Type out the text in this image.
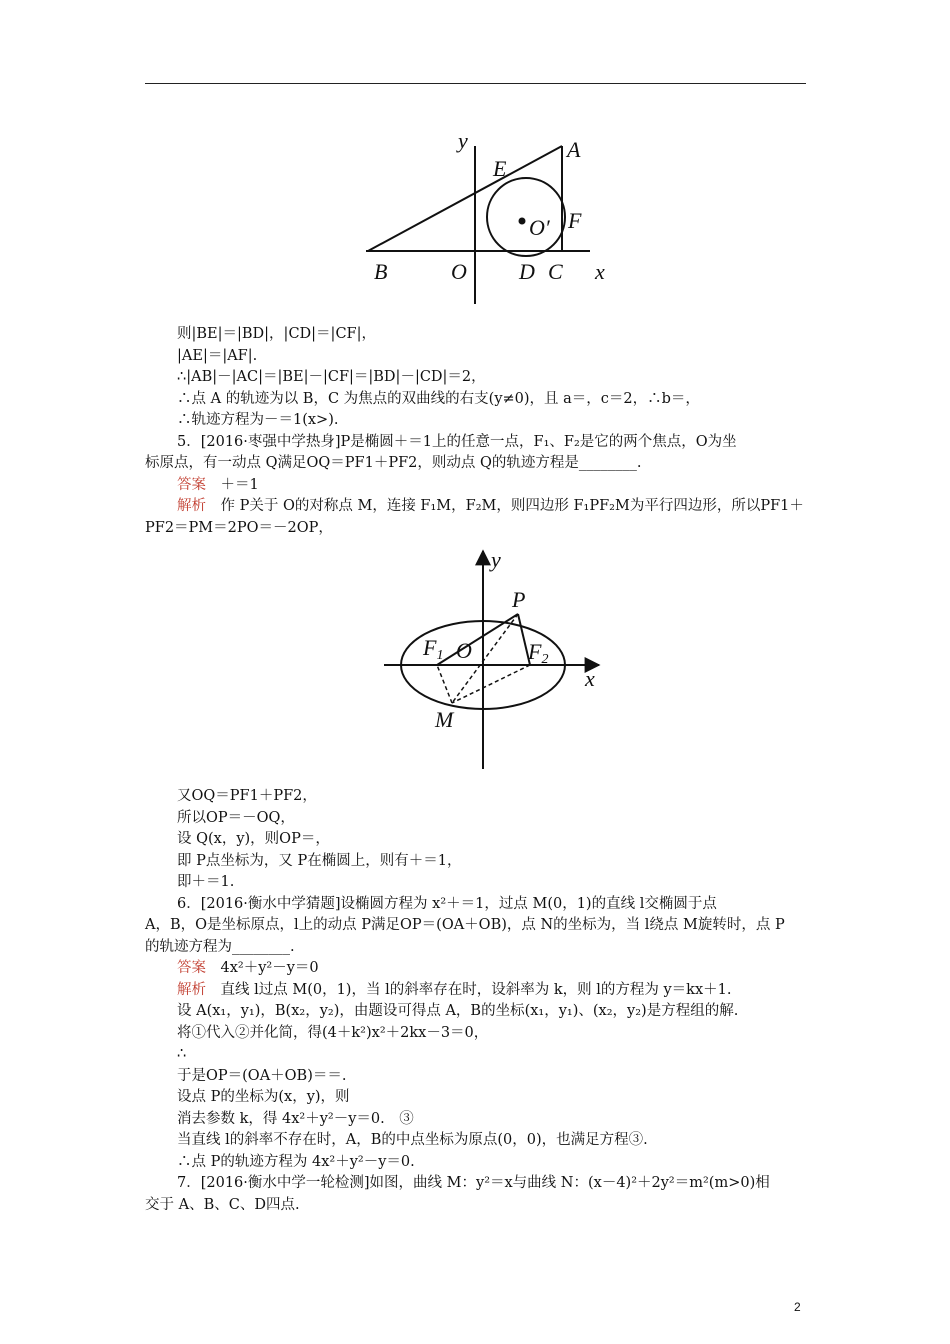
y	A
E
O′ F
B	O D C x
y
P
F1 O	F2
x
M
则|BE|＝|BD|，|CD|＝|CF|，
|AE|＝|AF|.
∴|AB|－|AC|＝|BE|－|CF|＝|BD|－|CD|＝2，
∴点 A 的轨迹为以 B，C 为焦点的双曲线的右支(y≠0)，且 a＝，c＝2，∴b＝，
∴轨迹方程为－＝1(x>).
5．[2016·枣强中学热身]P是椭圆＋＝1上的任意一点，F₁、F₂是它的两个焦点，O为坐
标原点，有一动点 Q满足OQ＝PF1＋PF2，则动点 Q的轨迹方程是________.
答案　 ＋＝1
解析　 作 P关于 O的对称点 M，连接 F₁M，F₂M，则四边形 F₁PF₂M为平行四边形，所以PF1＋
PF2＝PM＝2PO＝－2OP，
又OQ＝PF1＋PF2，
所以OP＝－OQ，
设 Q(x，y)，则OP＝，
即 P点坐标为，又 P在椭圆上，则有＋＝1，
即＋＝1.
6．[2016·衡水中学猜题]设椭圆方程为 x²＋＝1，过点 M(0，1)的直线 l交椭圆于点
A，B，O是坐标原点，l上的动点 P满足OP＝(OA＋OB)，点 N的坐标为，当 l绕点 M旋转时，点 P
的轨迹方程为________.
答案　 4x²＋y²－y＝0
解析　 直线 l过点 M(0，1)，当 l的斜率存在时，设斜率为 k，则 l的方程为 y＝kx＋1.
设 A(x₁，y₁)，B(x₂，y₂)，由题设可得点 A，B的坐标(x₁，y₁)、(x₂，y₂)是方程组的解.
将①代入②并化简，得(4＋k²)x²＋2kx－3＝0，
∴
于是OP＝(OA＋OB)＝＝.
设点 P的坐标为(x，y)，则
消去参数 k，得 4x²＋y²－y＝0.　③
当直线 l的斜率不存在时，A，B的中点坐标为原点(0，0)，也满足方程③.
∴点 P的轨迹方程为 4x²＋y²－y＝0.
7．[2016·衡水中学一轮检测]如图，曲线 M：y²＝x与曲线 N：(x－4)²＋2y²＝m²(m>0)相
交于 A、B、C、D四点.
2
